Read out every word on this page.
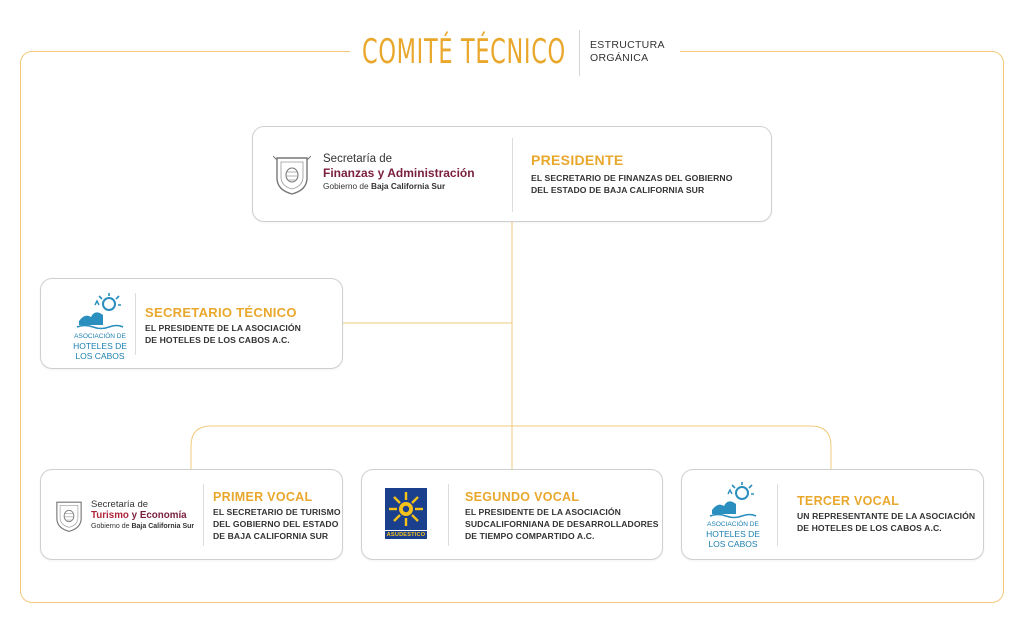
COMITÉ TÉCNICO ESTRUCTURA
ORGÁNICA
Secretaría de
Finanzas y Administración
Gobierno de Baja California Sur
PRESIDENTE
EL SECRETARIO DE FINANZAS DEL GOBIERNO
DEL ESTADO DE BAJA CALIFORNIA SUR
ASOCIACIÓN DE
HOTELES DE
LOS CABOS
SECRETARIO TÉCNICO
EL PRESIDENTE DE LA ASOCIACIÓN
DE HOTELES DE LOS CABOS A.C.
Secretaría de
Turismo y Economía
Gobierno de Baja California Sur
PRIMER VOCAL
EL SECRETARIO DE TURISMO
DEL GOBIERNO DEL ESTADO
DE BAJA CALIFORNIA SUR	ASUDESTICO
SEGUNDO VOCAL
EL PRESIDENTE DE LA ASOCIACIÓN
SUDCALIFORNIANA DE DESARROLLADORES
DE TIEMPO COMPARTIDO A.C.
ASOCIACIÓN DE
HOTELES DE
LOS CABOS
TERCER VOCAL
UN REPRESENTANTE DE LA ASOCIACIÓN
DE HOTELES DE LOS CABOS A.C.
